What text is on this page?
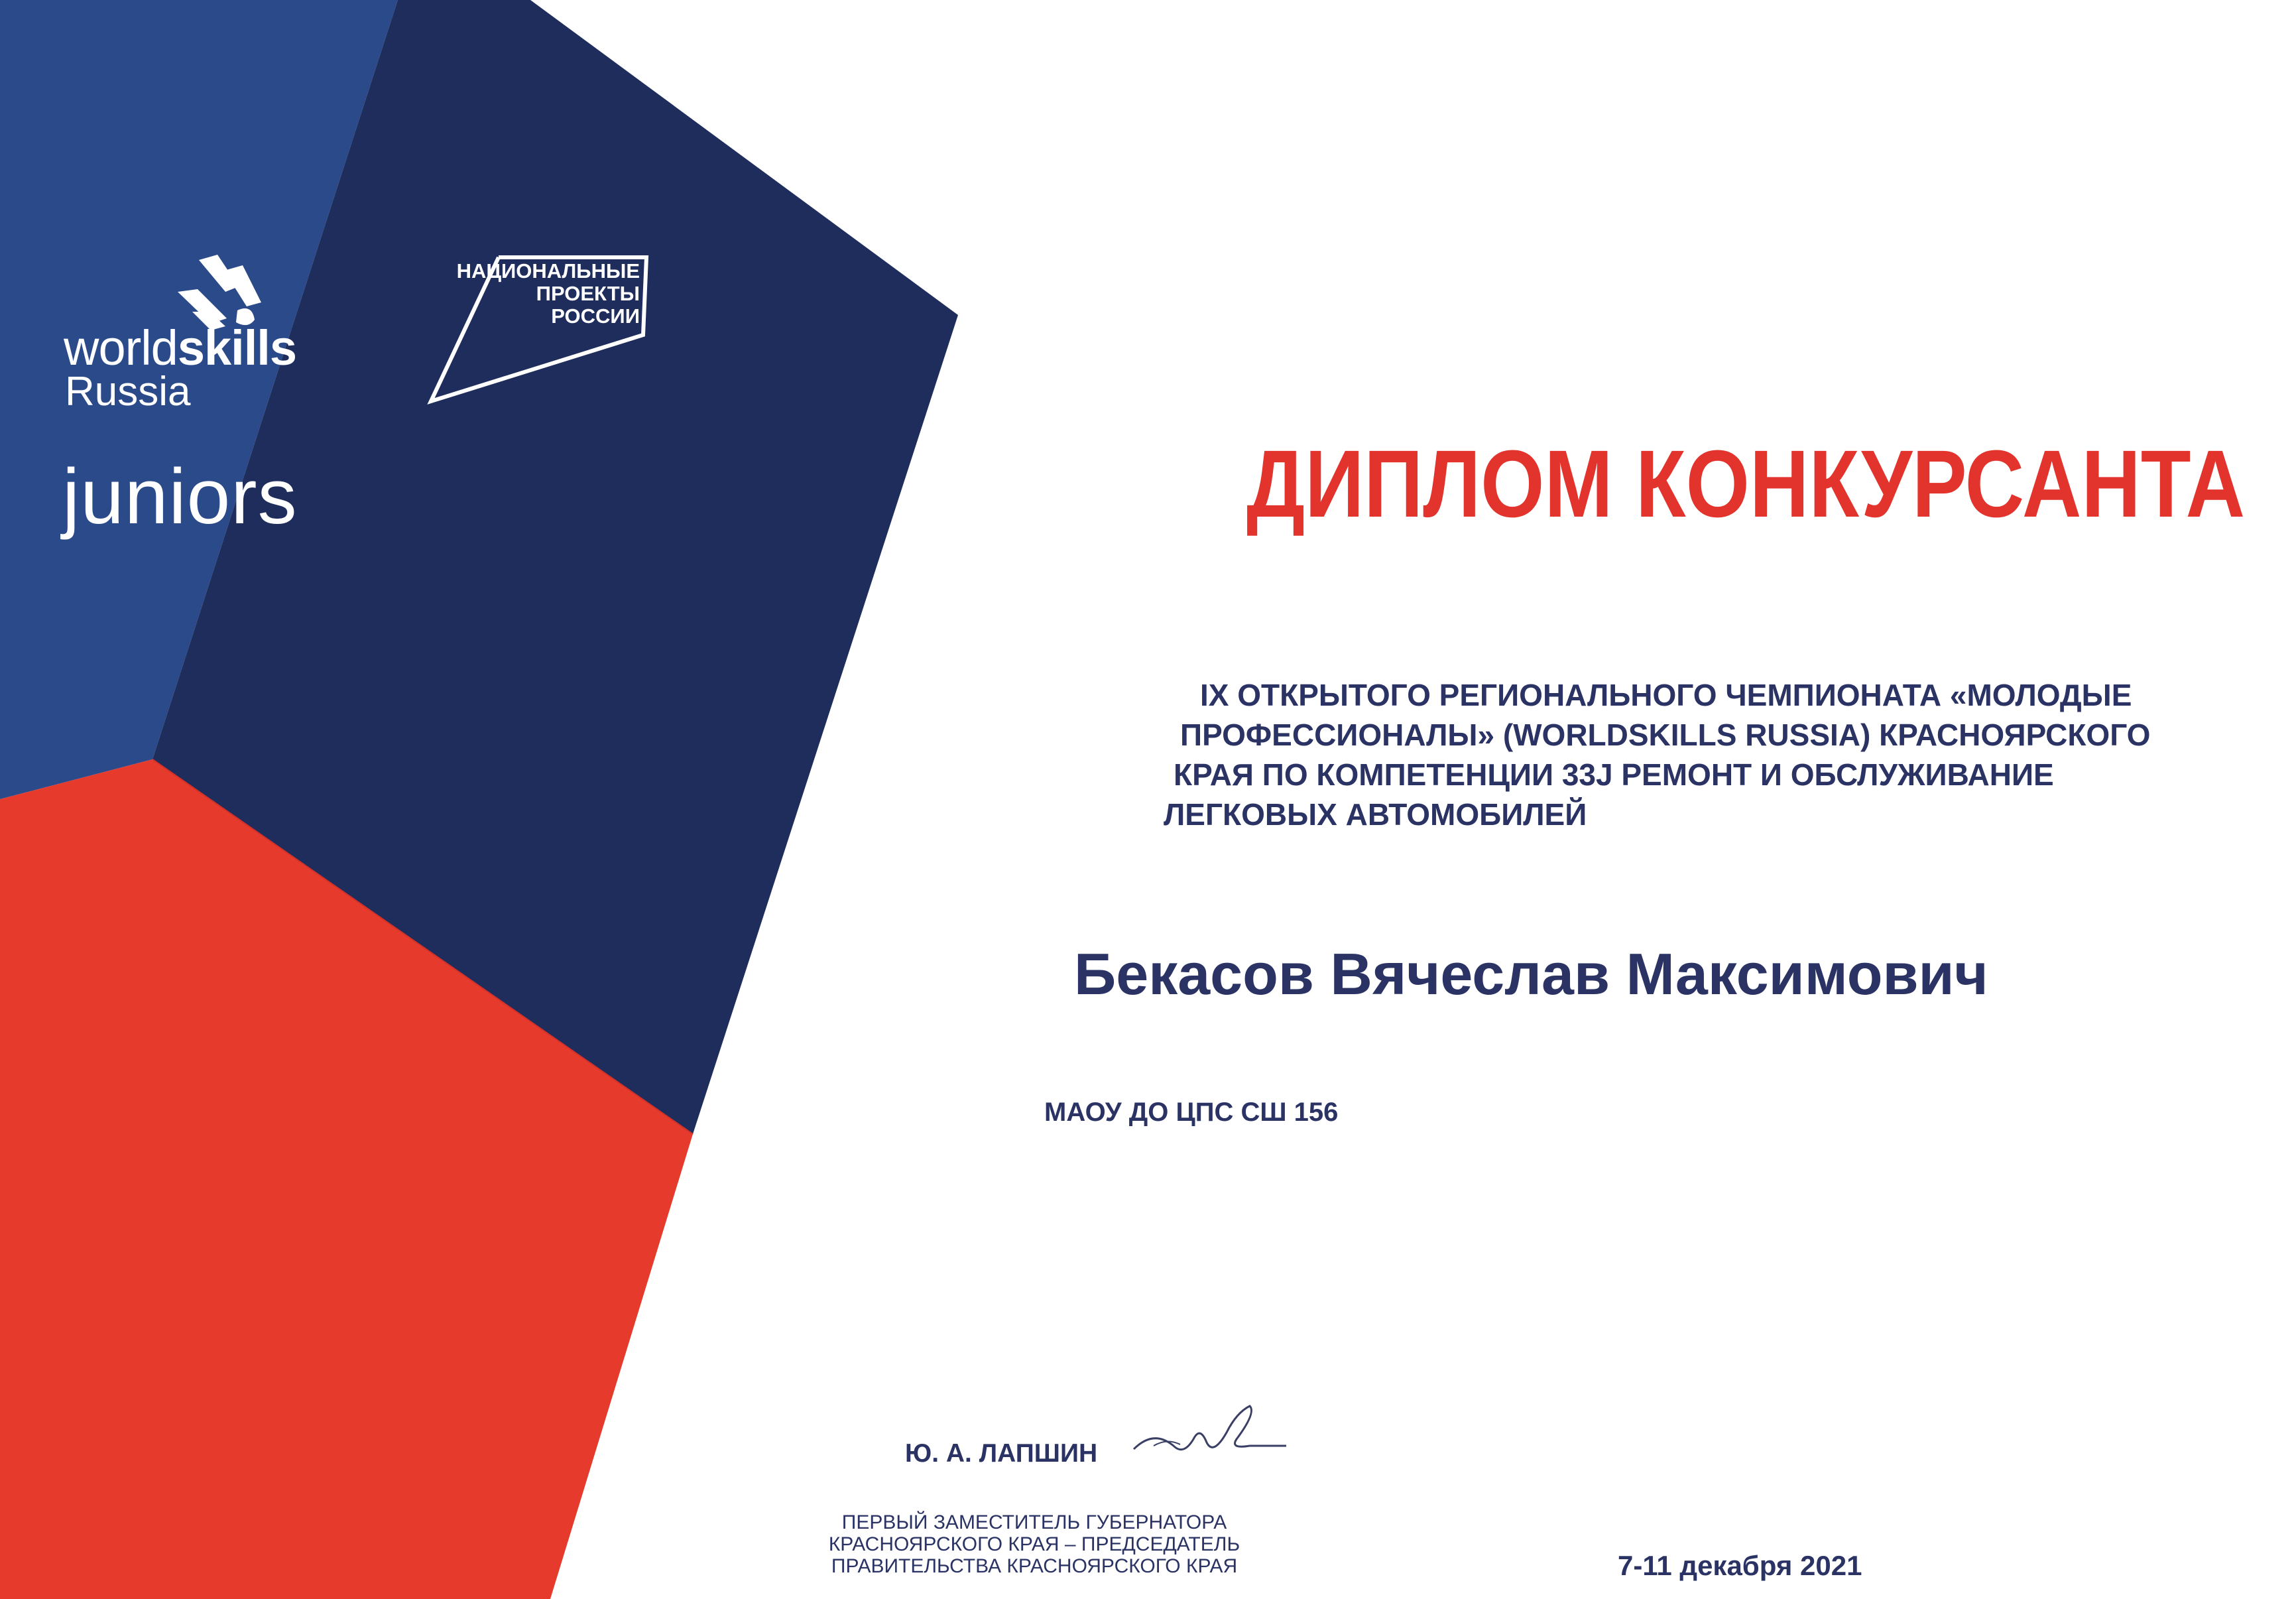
worldskills
Russia
juniors
НАЦИОНАЛЬНЫЕ
ПРОЕКТЫ
РОССИИ
ДИПЛОМ КОНКУРСАНТА
IX ОТКРЫТОГО РЕГИОНАЛЬНОГО ЧЕМПИОНАТА «МОЛОДЫЕ
ПРОФЕССИОНАЛЫ» (WORLDSKILLS RUSSIA) КРАСНОЯРСКОГО
КРАЯ ПО КОМПЕТЕНЦИИ 33J РЕМОНТ И ОБСЛУЖИВАНИЕ
ЛЕГКОВЫХ АВТОМОБИЛЕЙ
Бекасов Вячеслав Максимович
МАОУ ДО ЦПС СШ 156
Ю. А. ЛАПШИН
ПЕРВЫЙ ЗАМЕСТИТЕЛЬ ГУБЕРНАТОРА
КРАСНОЯРСКОГО КРАЯ – ПРЕДСЕДАТЕЛЬ
ПРАВИТЕЛЬСТВА КРАСНОЯРСКОГО КРАЯ	7-11 декабря 2021
